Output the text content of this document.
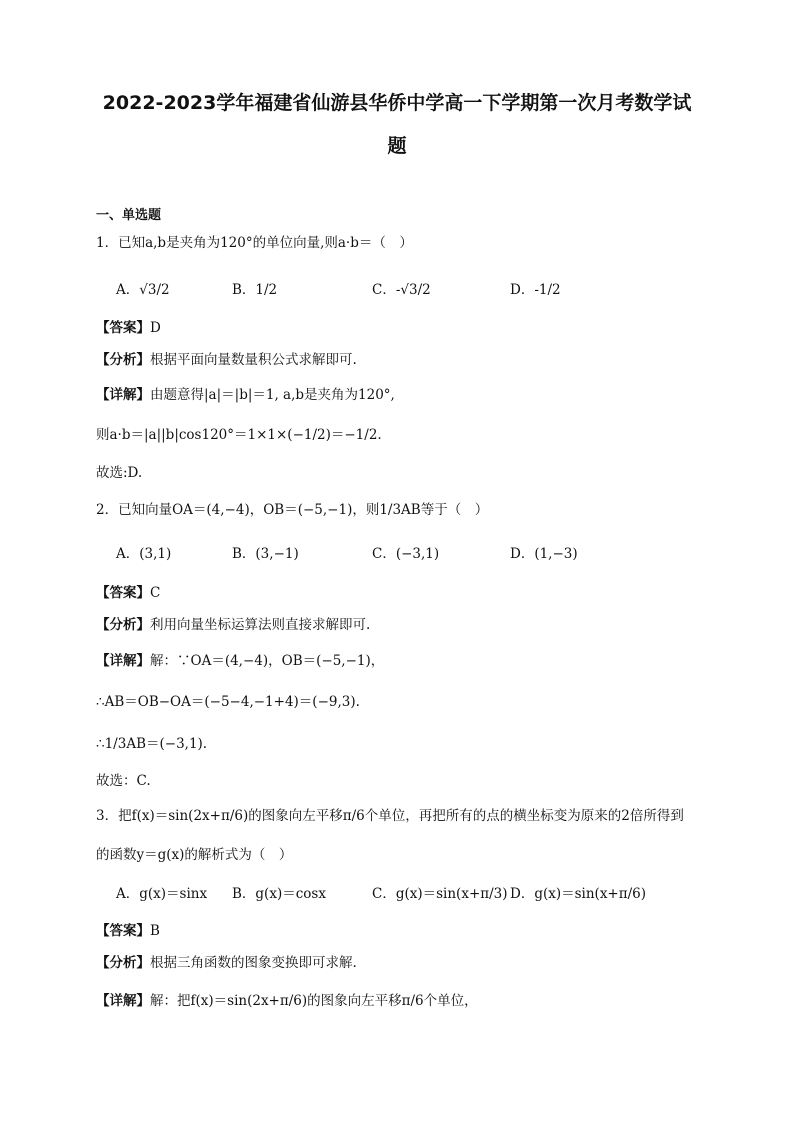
2022-2023学年福建省仙游县华侨中学高一下学期第一次月考数学试
题
一、单选题
1．已知a,b是夹角为120°的单位向量,则a·b＝（　）
A．√3/2	B．1/2	C．-√3/2	D．-1/2
【答案】D
【分析】根据平面向量数量积公式求解即可.
【详解】由题意得|a|＝|b|＝1, a,b是夹角为120°,
则a·b＝|a||b|cos120°＝1×1×(−1/2)＝−1/2.
故选:D.
2．已知向量OA＝(4,−4)，OB＝(−5,−1)，则1/3AB等于（　）
A．(3,1)	B．(3,−1)	C．(−3,1)	D．(1,−3)
【答案】C
【分析】利用向量坐标运算法则直接求解即可.
【详解】解：∵OA＝(4,−4)，OB＝(−5,−1)，
∴AB＝OB−OA＝(−5−4,−1+4)＝(−9,3).
∴1/3AB＝(−3,1).
故选：C.
3．把f(x)＝sin(2x+π/6)的图象向左平移π/6个单位，再把所有的点的横坐标变为原来的2倍所得到
的函数y＝g(x)的解析式为（　）
A．g(x)＝sinx B．g(x)＝cosx	C．g(x)＝sin(x+π/3) D．g(x)＝sin(x+π/6)
【答案】B
【分析】根据三角函数的图象变换即可求解.
【详解】解：把f(x)＝sin(2x+π/6)的图象向左平移π/6个单位，
